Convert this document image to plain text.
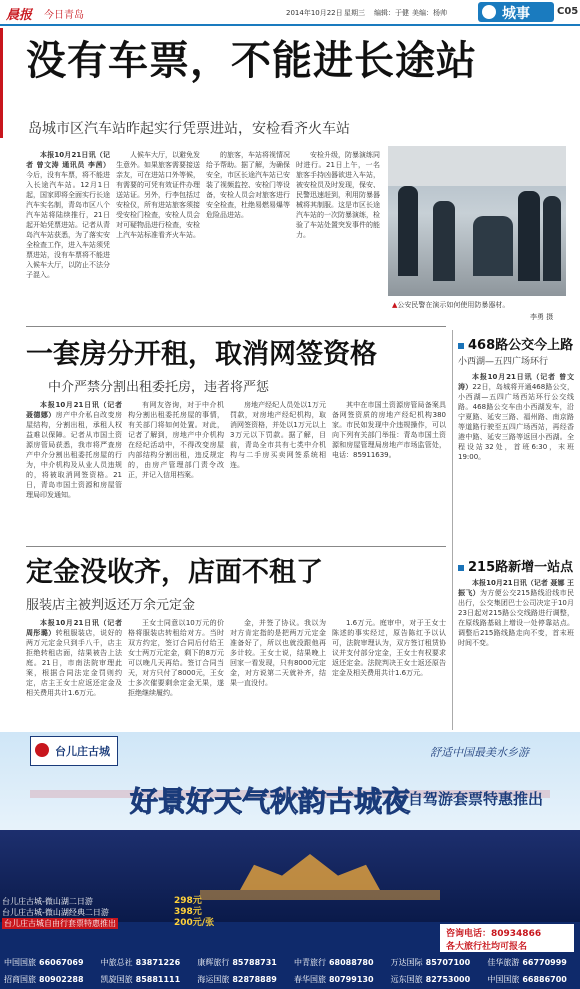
晨报 今日青岛	2014年10月22日 星期三 编辑：于健 美编：杨帅	城事	C05
没有车票，不能进长途站
岛城市区汽车站昨起实行凭票进站，安检看齐火车站

本报10月21日讯（记者 曾文涛 通讯员 李茜）今后，没有车票，将不能进入长途汽车站。12月1日起，国家即将全面实行长途汽车实名制，青岛市区八个汽车站将陆续推行，21日起开始凭票进站。记者从青岛汽车站获悉，为了落实安全检查工作，进入车站须凭票进站，没有车票将不能进入候车大厅，以防止不法分子混入。

人候车大厅，以避免发生意外。如果旅客需要接送亲友，可在进站口外等候，有需要的可凭有效证件办理送站证。另外，行李包括过安检仪，所有进站旅客须接受安检门检查，安检人员会对可疑物品进行检查，安检上汽车站标准看齐火车站。

的旅客，车站将视情况给予帮助。据了解，为确保安全，市区长途汽车站已安装了视频监控、安检门等设备，安检人员会对旅客进行安全检查，杜绝易燃易爆等危险品进站。

安检升级，防暴演练同时进行。21日上午，一名旅客手持凶器欲进入车站，被安检员及时发现，保安、民警迅速赶到，利用防暴器械将其制服。这是市区长途汽车站的一次防暴演练，检验了车站处置突发事件的能力。

▲公安民警在演示如何使用防暴器材。
李勇 摄
一套房分开租，取消网签资格
中介严禁分割出租委托房，违者将严惩

本报10月21日讯（记者 聂德娜）房产中介私自改变房屋结构，分割出租，承租人权益难以保障。记者从市国土资源房管局获悉，我市将严查房产中介分割出租委托房屋的行为，中介机构及从业人员违规的，将被取消网签资格。21日，青岛市国土资源和房屋管理局印发通知。

有网友咨询，对于中介机构分割出租委托房屋的事情，有关部门将如何处置。对此，记者了解到，房地产中介机构在经纪活动中，不得改变房屋内部结构分割出租，违反规定的，由房产管理部门责令改正，并记入信用档案。

房地产经纪人员处以1万元罚款，对房地产经纪机构，取消网签资格，并处以1万元以上3万元以下罚款。据了解，目前，青岛全市共有七类中介机构与二手房买卖网签系统相连。

其中在市国土资源房管局备案具备网签资质的房地产经纪机构380家。市民如发现中介违规操作，可以向下列有关部门举报：青岛市国土资源和房屋管理局房地产市场监管处，电话：85911639。

定金没收齐，店面不租了
服装店主被判返还万余元定金

本报10月21日讯（记者 周彤璐）转租服装店，说好的两万元定金只到手八千，店主拒绝转租店面，结果被告上法庭。21日，市南法院审理此案，根据合同法定金罚则约定，店主王女士应返还定金及相关费用共计1.6万元。

王女士同意以10万元的价格将服装店转租给对方。当时双方约定，签订合同后付给王女士两万元定金，剩下的8万元可以晚几天再给。签订合同当天，对方只付了8000元，王女士多次催要剩余定金无果，遂拒绝继续履约。

金，并签了协议。我以为对方肯定指的是把两万元定金准备好了，所以也就没跟他再多计较。王女士说，结果晚上回家一看发现，只有8000元定金，对方说第二天就补齐，结果一直没付。

1.6万元。庭审中，对于王女士陈述的事实经过，原告陈红予以认可，法院审理认为，双方签订租赁协议并支付部分定金，王女士有权要求返还定金。法院判决王女士返还原告定金及相关费用共计1.6万元。

468路公交今上路
小西湖—五四广场环行

本报10月21日讯（记者 曾文涛）22日，岛城将开通468路公交，小西湖—五四广场西站环行公交线路。468路公交车由小西湖发车，沿宁夏路、延安三路、福州路、南京路等道路行驶至五四广场西站，再经香港中路、延安三路等返回小西湖。全程设站32处，首班6:30，末班19:00。

215路新增一站点

本报10月21日讯（记者 聂娜 王振飞）为方便公交215路线沿线市民出行，公交集团巴士公司决定于10月23日起对215路公交线路进行调整，在原线路基础上增设一处停靠站点。调整后215路线路走向不变，首末班时间不变。

台儿庄古城	舒适中国最美水乡游
好景好天气秋韵古城夜
自驾游套票特惠推出
台儿庄古城-微山湖二日游
台儿庄古城-微山湖经典二日游
台儿庄古城自由行套票特惠推出
298元
398元
200元/张
咨询电话：80934866
各大旅行社均可报名
中国国旅 66067069	中旅总社 83871226	康辉旅行 85788731	中青旅行 68088780	万达国际 85707100	佳华旅游 66770999
招商国旅 80902288	凯旋国旅 85881111	海运国旅 82878889	春华国旅 80799130	远东国旅 82753000	中国国旅 66886700
